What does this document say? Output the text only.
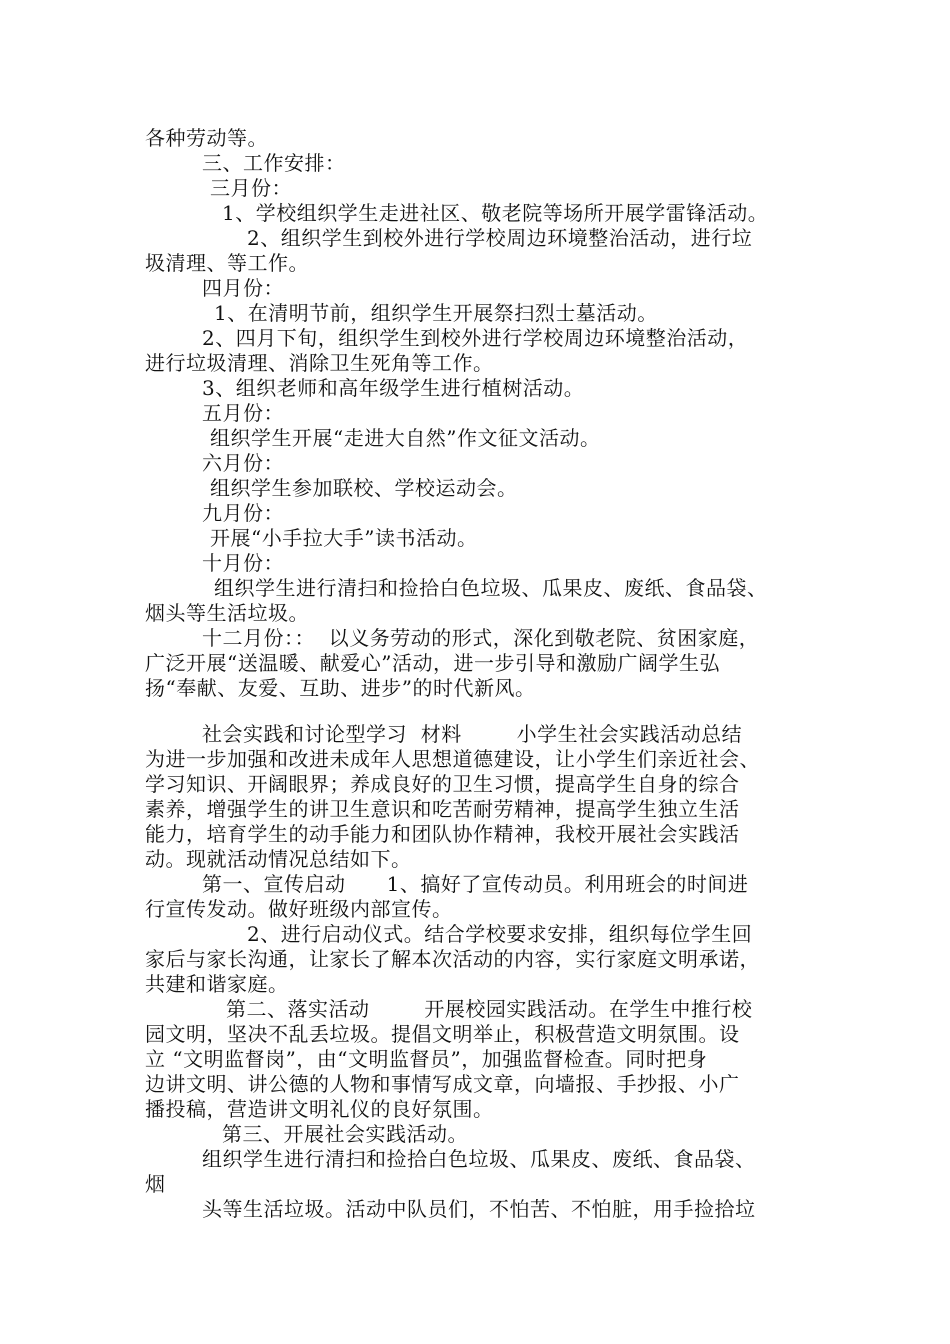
各种劳动等。
三、工作安排：
三月份：
1、学校组织学生走进社区、敬老院等场所开展学雷锋活动。
2、组织学生到校外进行学校周边环境整治活动，进行垃
圾清理、等工作。
四月份：
1、在清明节前，组织学生开展祭扫烈士墓活动。
2、四月下旬，组织学生到校外进行学校周边环境整治活动，
进行垃圾清理、消除卫生死角等工作。
3、组织老师和高年级学生进行植树活动。
五月份：
组织学生开展“走进大自然”作文征文活动。
六月份：
组织学生参加联校、学校运动会。
九月份：
开展“小手拉大手”读书活动。
十月份：
组织学生进行清扫和捡拾白色垃圾、瓜果皮、废纸、食品袋、
烟头等生活垃圾。
十二月份：：  以义务劳动的形式，深化到敬老院、贫困家庭，
广泛开展“送温暖、献爱心”活动，进一步引导和激励广阔学生弘
扬“奉献、友爱、互助、进步”的时代新风。
社会实践和讨论型学习  材料        小学生社会实践活动总结
为进一步加强和改进未成年人思想道德建设，让小学生们亲近社会、
学习知识、开阔眼界；养成良好的卫生习惯，提高学生自身的综合
素养，增强学生的讲卫生意识和吃苦耐劳精神，提高学生独立生活
能力，培育学生的动手能力和团队协作精神，我校开展社会实践活
动。现就活动情况总结如下。
第一、宣传启动      1、搞好了宣传动员。利用班会的时间进
行宣传发动。做好班级内部宣传。
2、进行启动仪式。结合学校要求安排，组织每位学生回
家后与家长沟通，让家长了解本次活动的内容，实行家庭文明承诺，
共建和谐家庭。
第二、落实活动        开展校园实践活动。在学生中推行校
园文明，坚决不乱丢垃圾。提倡文明举止，积极营造文明氛围。设
立 “文明监督岗”，由“文明监督员”，加强监督检查。同时把身
边讲文明、讲公德的人物和事情写成文章，向墙报、手抄报、小广
播投稿，营造讲文明礼仪的良好氛围。
第三、开展社会实践活动。
组织学生进行清扫和捡拾白色垃圾、瓜果皮、废纸、食品袋、
烟
头等生活垃圾。活动中队员们，不怕苦、不怕脏，用手捡拾垃
